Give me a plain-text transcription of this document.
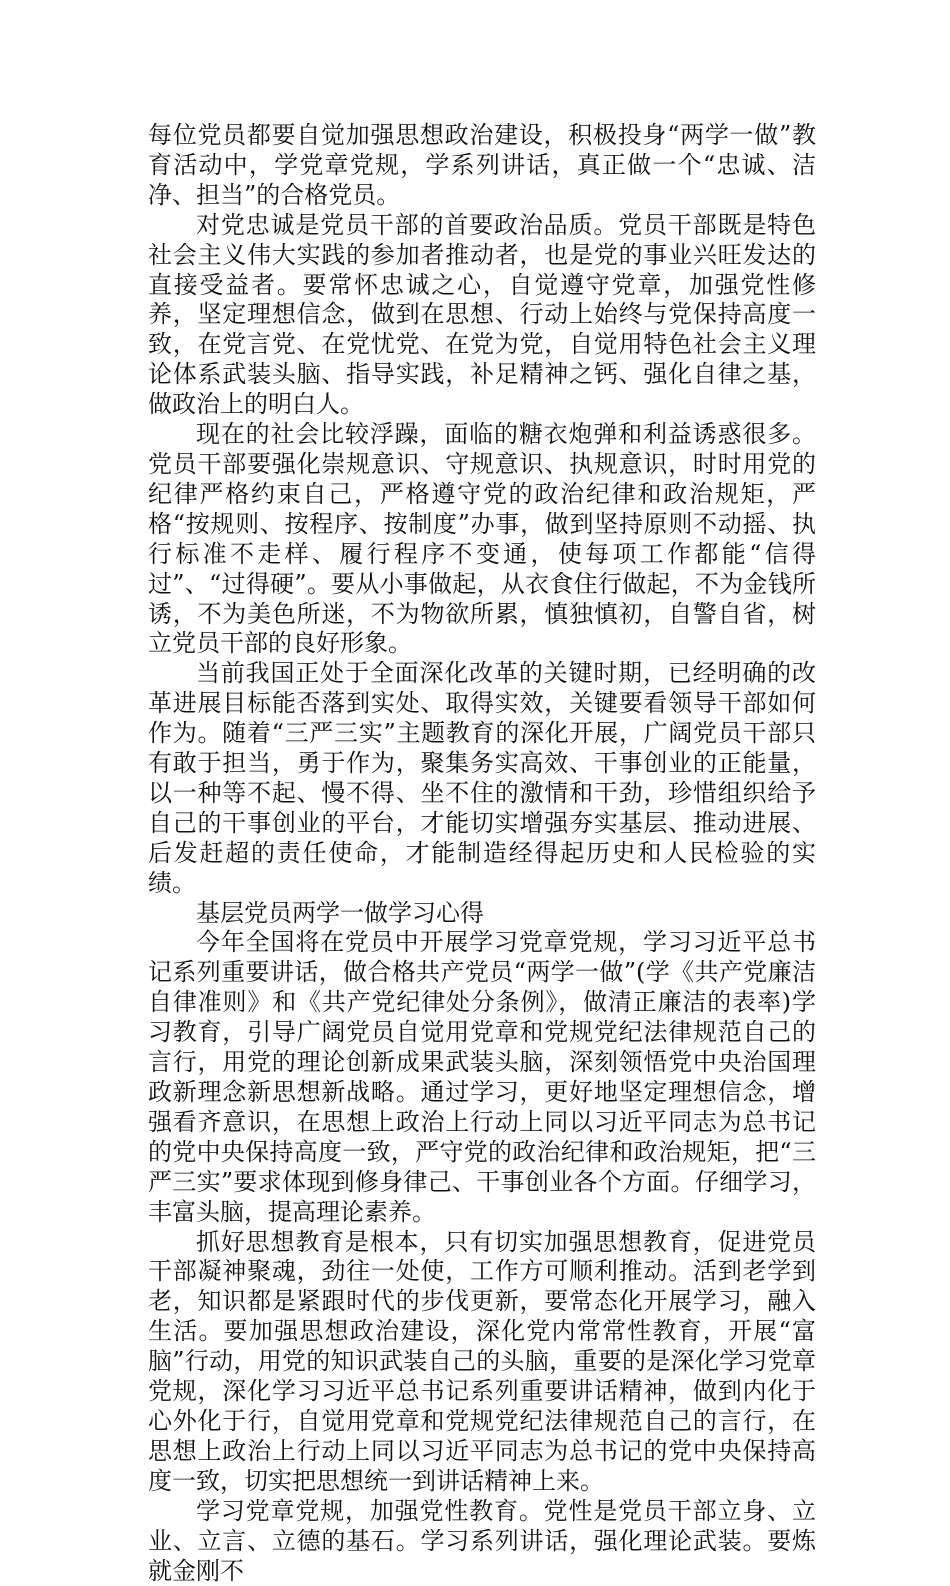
每位党员都要自觉加强思想政治建设，积极投身“两学一做”教育活动中，学党章党规，学系列讲话，真正做一个“忠诚、洁净、担当”的合格党员。

对党忠诚是党员干部的首要政治品质。党员干部既是特色社会主义伟大实践的参加者推动者，也是党的事业兴旺发达的直接受益者。要常怀忠诚之心，自觉遵守党章，加强党性修养，坚定理想信念，做到在思想、行动上始终与党保持高度一致，在党言党、在党忧党、在党为党，自觉用特色社会主义理论体系武装头脑、指导实践，补足精神之钙、强化自律之基，做政治上的明白人。

现在的社会比较浮躁，面临的糖衣炮弹和利益诱惑很多。党员干部要强化崇规意识、守规意识、执规意识，时时用党的纪律严格约束自己，严格遵守党的政治纪律和政治规矩，严格“按规则、按程序、按制度”办事，做到坚持原则不动摇、执行标准不走样、履行程序不变通，使每项工作都能“信得过”、“过得硬”。要从小事做起，从衣食住行做起，不为金钱所诱，不为美色所迷，不为物欲所累，慎独慎初，自警自省，树立党员干部的良好形象。

当前我国正处于全面深化改革的关键时期，已经明确的改革进展目标能否落到实处、取得实效，关键要看领导干部如何作为。随着“三严三实”主题教育的深化开展，广阔党员干部只有敢于担当，勇于作为，聚集务实高效、干事创业的正能量，以一种等不起、慢不得、坐不住的激情和干劲，珍惜组织给予自己的干事创业的平台，才能切实增强夯实基层、推动进展、后发赶超的责任使命，才能制造经得起历史和人民检验的实绩。

基层党员两学一做学习心得

今年全国将在党员中开展学习党章党规，学习习近平总书记系列重要讲话，做合格共产党员“两学一做”(学《共产党廉洁自律准则》和《共产党纪律处分条例》，做清正廉洁的表率)学习教育，引导广阔党员自觉用党章和党规党纪法律规范自己的言行，用党的理论创新成果武装头脑，深刻领悟党中央治国理政新理念新思想新战略。通过学习，更好地坚定理想信念，增强看齐意识，在思想上政治上行动上同以习近平同志为总书记的党中央保持高度一致，严守党的政治纪律和政治规矩，把“三严三实”要求体现到修身律己、干事创业各个方面。仔细学习，丰富头脑，提高理论素养。

抓好思想教育是根本，只有切实加强思想教育，促进党员干部凝神聚魂，劲往一处使，工作方可顺利推动。活到老学到老，知识都是紧跟时代的步伐更新，要常态化开展学习，融入生活。要加强思想政治建设，深化党内常常性教育，开展“富脑”行动，用党的知识武装自己的头脑，重要的是深化学习党章党规，深化学习习近平总书记系列重要讲话精神，做到内化于心外化于行，自觉用党章和党规党纪法律规范自己的言行，在思想上政治上行动上同以习近平同志为总书记的党中央保持高度一致，切实把思想统一到讲话精神上来。

学习党章党规，加强党性教育。党性是党员干部立身、立业、立言、立德的基石。学习系列讲话，强化理论武装。要炼就金刚不
